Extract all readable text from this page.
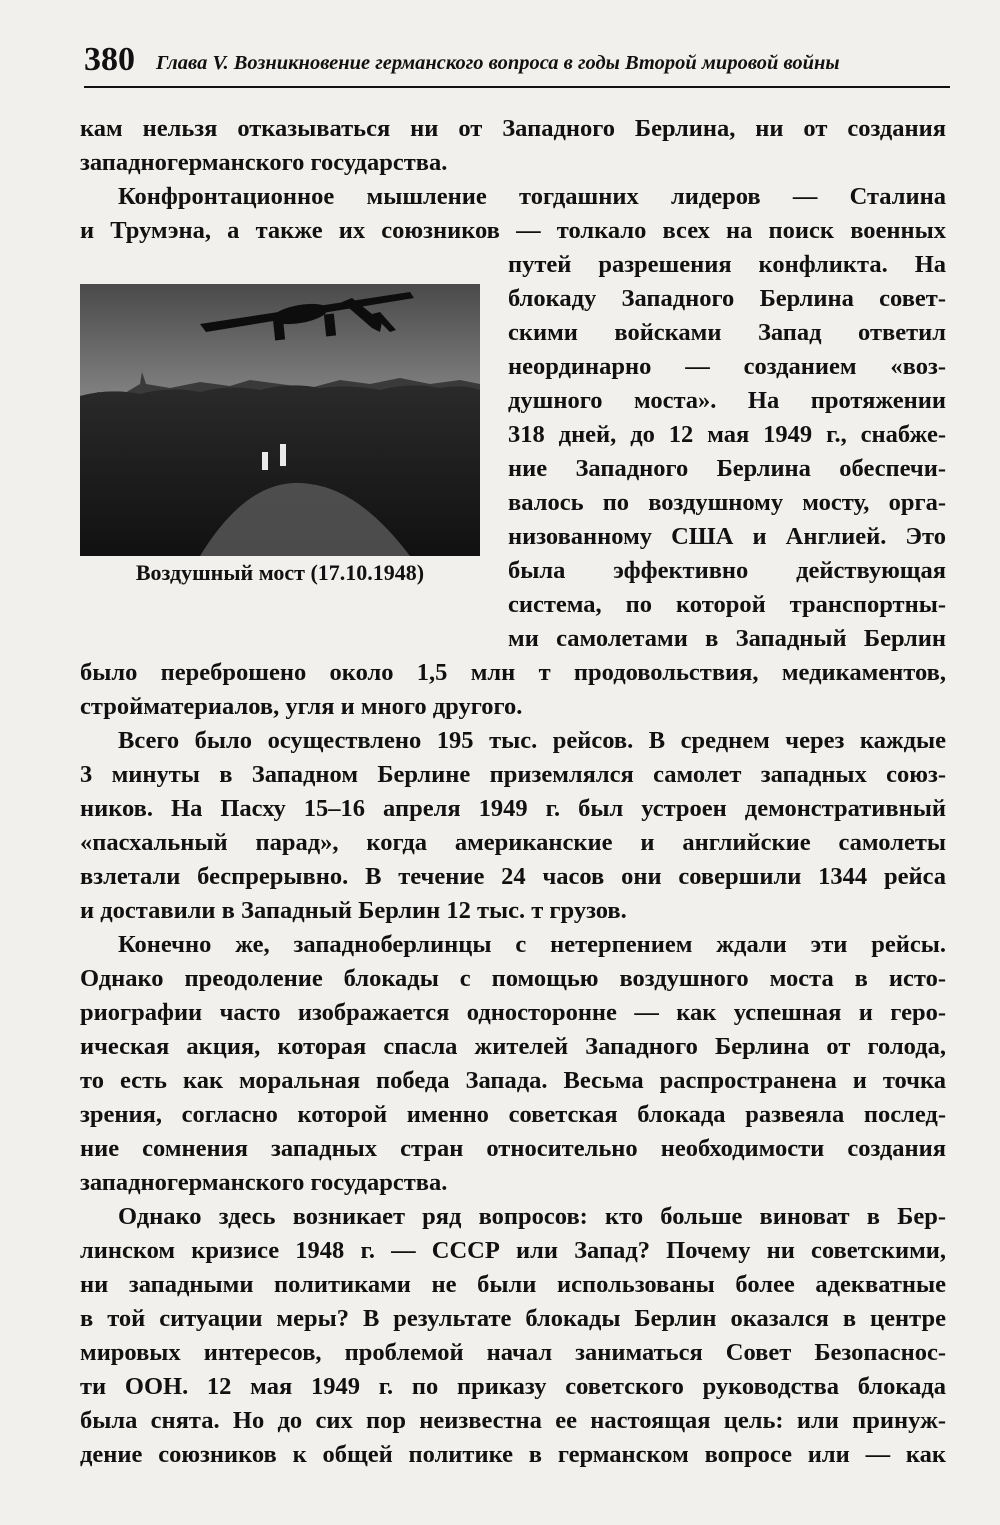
380 Глава V. Возникновение германского вопроса в годы Второй мировой войны
Воздушный мост (17.10.1948)
кам нельзя отказываться ни от Западного Берлина, ни от создания
западногерманского государства.
Конфронтационное мышление тогдашних лидеров — Сталина
и Трумэна, а также их союзников — толкало всех на поиск военных
путей разрешения конфликта. На
блокаду Западного Берлина совет-
скими войсками Запад ответил
неординарно — созданием «воз-
душного моста». На протяжении
318 дней, до 12 мая 1949 г., снабже-
ние Западного Берлина обеспечи-
валось по воздушному мосту, орга-
низованному США и Англией. Это
была эффективно действующая
система, по которой транспортны-
ми самолетами в Западный Берлин
было переброшено около 1,5 млн т продовольствия, медикаментов,
стройматериалов, угля и много другого.
Всего было осуществлено 195 тыс. рейсов. В среднем через каждые
3 минуты в Западном Берлине приземлялся самолет западных союз-
ников. На Пасху 15–16 апреля 1949 г. был устроен демонстративный
«пасхальный парад», когда американские и английские самолеты
взлетали беспрерывно. В течение 24 часов они совершили 1344 рейса
и доставили в Западный Берлин 12 тыс. т грузов.
Конечно же, западноберлинцы с нетерпением ждали эти рейсы.
Однако преодоление блокады с помощью воздушного моста в исто-
риографии часто изображается односторонне — как успешная и геро-
ическая акция, которая спасла жителей Западного Берлина от голода,
то есть как моральная победа Запада. Весьма распространена и точка
зрения, согласно которой именно советская блокада развеяла послед-
ние сомнения западных стран относительно необходимости создания
западногерманского государства.
Однако здесь возникает ряд вопросов: кто больше виноват в Бер-
линском кризисе 1948 г. — СССР или Запад? Почему ни советскими,
ни западными политиками не были использованы более адекватные
в той ситуации меры? В результате блокады Берлин оказался в центре
мировых интересов, проблемой начал заниматься Совет Безопаснос-
ти ООН. 12 мая 1949 г. по приказу советского руководства блокада
была снята. Но до сих пор неизвестна ее настоящая цель: или принуж-
дение союзников к общей политике в германском вопросе или — как
